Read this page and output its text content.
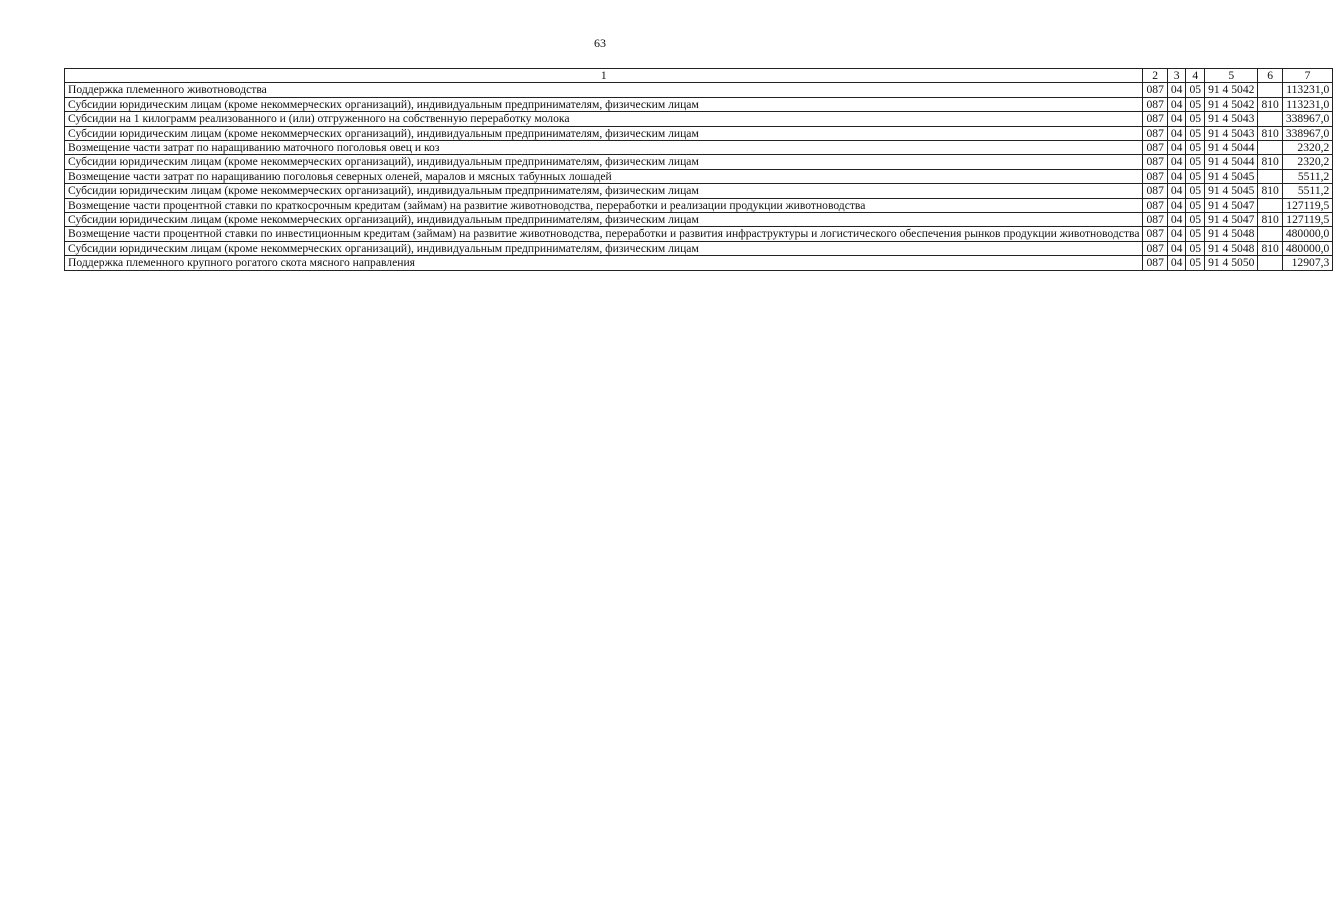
63
1	2	3	4	5	6	7
Поддержка племенного животноводства	087	04	05	91 4 5042		113231,0
Субсидии юридическим лицам (кроме некоммерческих организаций), индивидуальным предпринимателям, физическим лицам	087	04	05	91 4 5042	810	113231,0
Субсидии на 1 килограмм реализованного и (или) отгруженного на собственную переработку молока	087	04	05	91 4 5043		338967,0
Субсидии юридическим лицам (кроме некоммерческих организаций), индивидуальным предпринимателям, физическим лицам	087	04	05	91 4 5043	810	338967,0
Возмещение части затрат по наращиванию маточного поголовья овец и коз	087	04	05	91 4 5044		2320,2
Субсидии юридическим лицам (кроме некоммерческих организаций), индивидуальным предпринимателям, физическим лицам	087	04	05	91 4 5044	810	2320,2
Возмещение части затрат по наращиванию поголовья северных оленей, маралов и мясных табунных лошадей	087	04	05	91 4 5045		5511,2
Субсидии юридическим лицам (кроме некоммерческих организаций), индивидуальным предпринимателям, физическим лицам	087	04	05	91 4 5045	810	5511,2
Возмещение части процентной ставки по краткосрочным кредитам (займам) на развитие животноводства, переработки и реализации продукции животноводства	087	04	05	91 4 5047		127119,5
Субсидии юридическим лицам (кроме некоммерческих организаций), индивидуальным предпринимателям, физическим лицам	087	04	05	91 4 5047	810	127119,5
Возмещение части процентной ставки по инвестиционным кредитам (займам) на развитие животноводства, переработки и развития инфраструктуры и логистического обеспечения рынков продукции животноводства	087	04	05	91 4 5048		480000,0
Субсидии юридическим лицам (кроме некоммерческих организаций), индивидуальным предпринимателям, физическим лицам	087	04	05	91 4 5048	810	480000,0
Поддержка племенного крупного рогатого скота мясного направления	087	04	05	91 4 5050		12907,3
